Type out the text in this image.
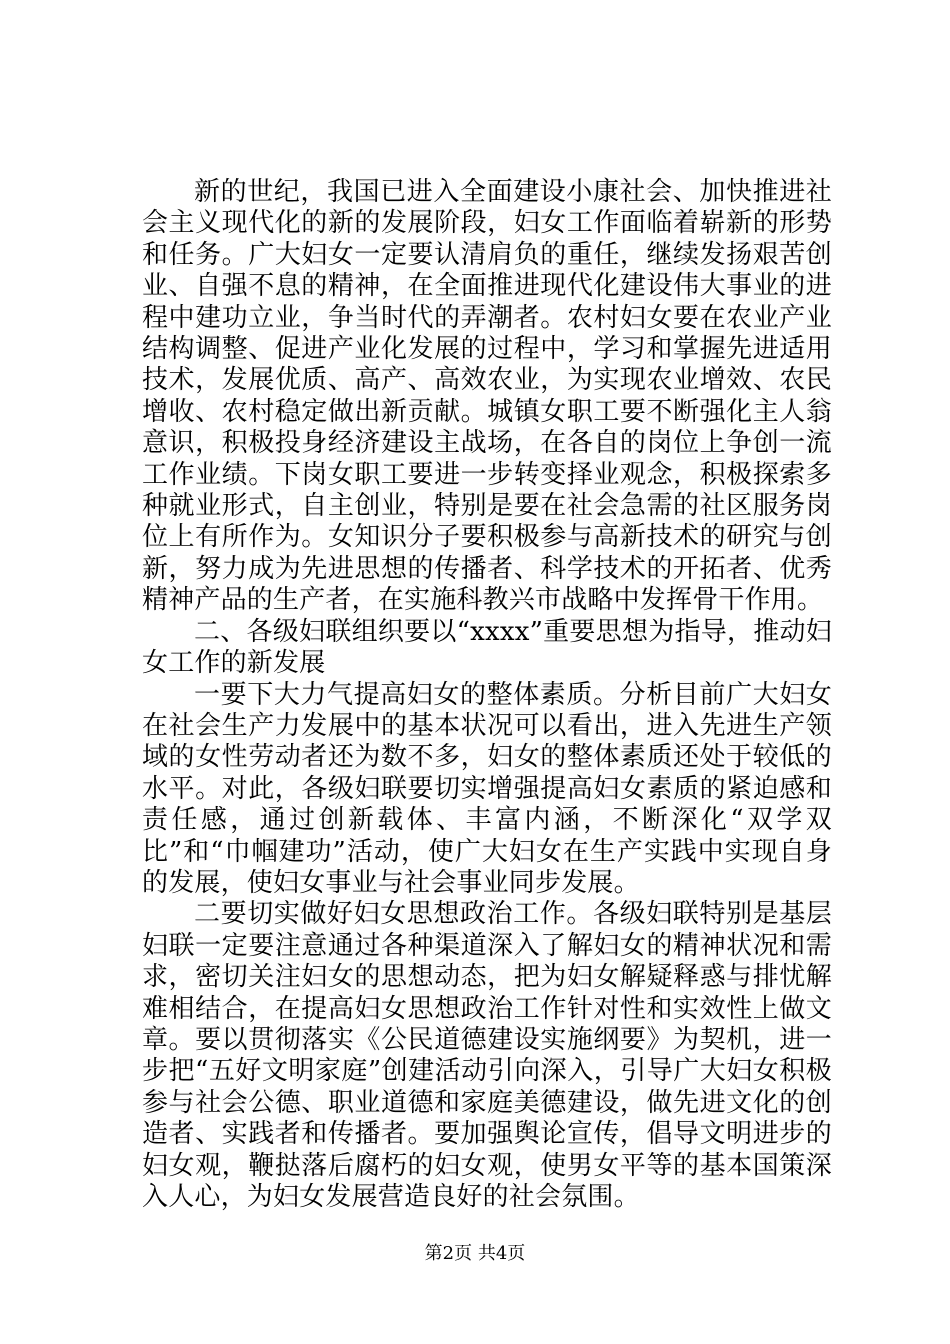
新的世纪，我国已进入全面建设小康社会、加快推进社会主义现代化的新的发展阶段，妇女工作面临着崭新的形势和任务。广大妇女一定要认清肩负的重任，继续发扬艰苦创业、自强不息的精神，在全面推进现代化建设伟大事业的进程中建功立业，争当时代的弄潮者。农村妇女要在农业产业结构调整、促进产业化发展的过程中，学习和掌握先进适用技术，发展优质、高产、高效农业，为实现农业增效、农民增收、农村稳定做出新贡献。城镇女职工要不断强化主人翁意识，积极投身经济建设主战场，在各自的岗位上争创一流工作业绩。下岗女职工要进一步转变择业观念，积极探索多种就业形式，自主创业，特别是要在社会急需的社区服务岗位上有所作为。女知识分子要积极参与高新技术的研究与创新，努力成为先进思想的传播者、科学技术的开拓者、优秀精神产品的生产者，在实施科教兴市战略中发挥骨干作用。

二、各级妇联组织要以“xxxx”重要思想为指导，推动妇女工作的新发展

一要下大力气提高妇女的整体素质。分析目前广大妇女在社会生产力发展中的基本状况可以看出，进入先进生产领域的女性劳动者还为数不多，妇女的整体素质还处于较低的水平。对此，各级妇联要切实增强提高妇女素质的紧迫感和责任感，通过创新载体、丰富内涵，不断深化“双学双比”和“巾帼建功”活动，使广大妇女在生产实践中实现自身的发展，使妇女事业与社会事业同步发展。

二要切实做好妇女思想政治工作。各级妇联特别是基层妇联一定要注意通过各种渠道深入了解妇女的精神状况和需求，密切关注妇女的思想动态，把为妇女解疑释惑与排忧解难相结合，在提高妇女思想政治工作针对性和实效性上做文章。要以贯彻落实《公民道德建设实施纲要》为契机，进一步把“五好文明家庭”创建活动引向深入，引导广大妇女积极参与社会公德、职业道德和家庭美德建设，做先进文化的创造者、实践者和传播者。要加强舆论宣传，倡导文明进步的妇女观，鞭挞落后腐朽的妇女观，使男女平等的基本国策深入人心，为妇女发展营造良好的社会氛围。

第2页 共4页
